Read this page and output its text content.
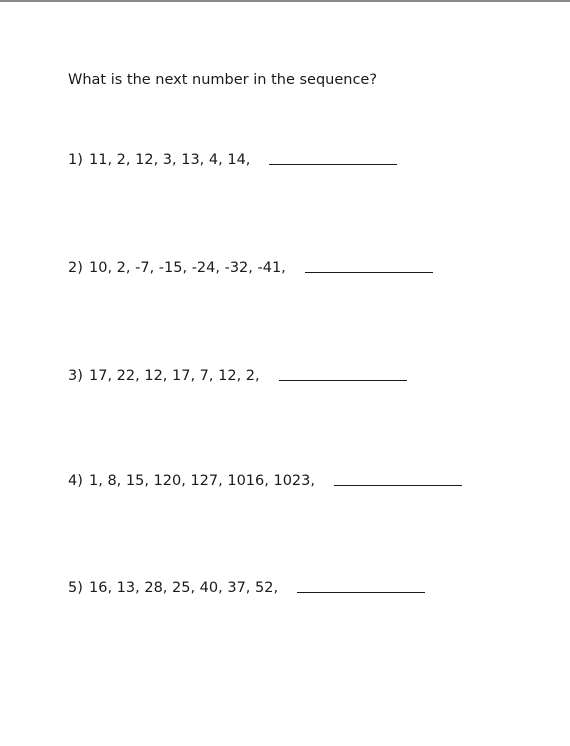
What is the next number in the sequence?
1) 11, 2, 12, 3, 13, 4, 14,
2) 10, 2, -7, -15, -24, -32, -41,
3) 17, 22, 12, 17, 7, 12, 2,
4) 1, 8, 15, 120, 127, 1016, 1023,
5) 16, 13, 28, 25, 40, 37, 52,
